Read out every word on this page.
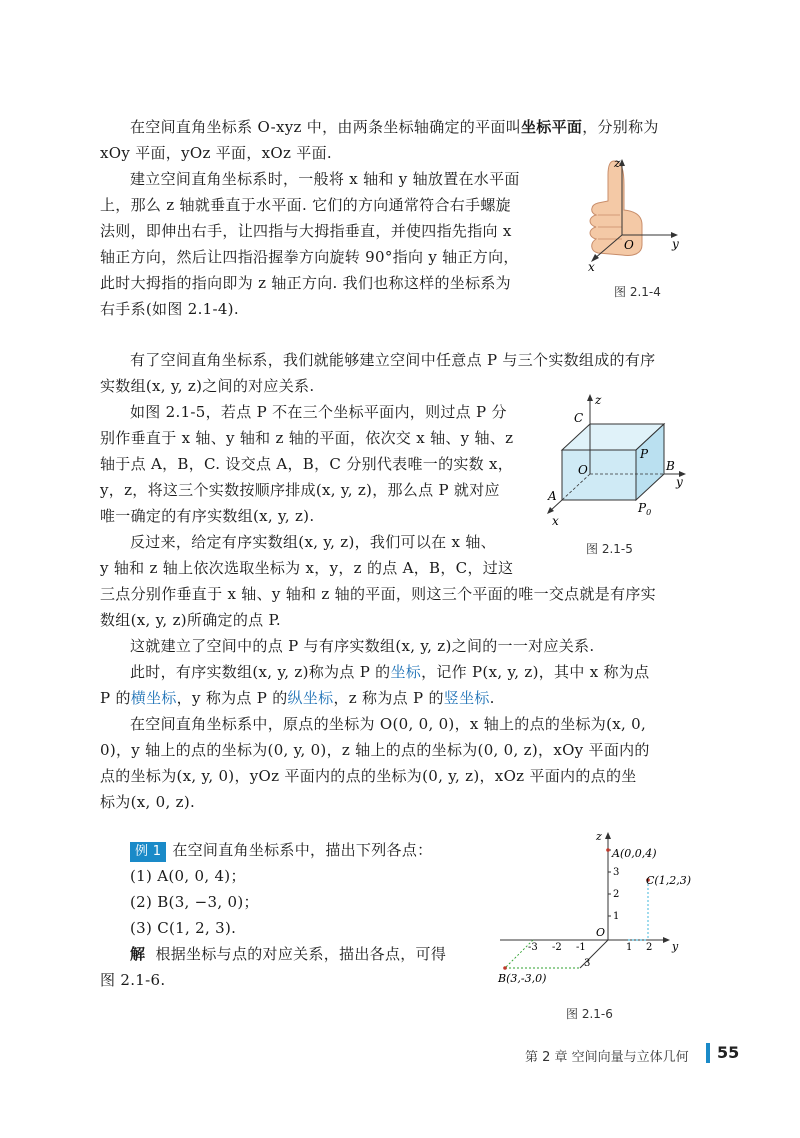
在空间直角坐标系 O-xyz 中，由两条坐标轴确定的平面叫坐标平面，分别称为
xOy 平面，yOz 平面，xOz 平面.
建立空间直角坐标系时，一般将 x 轴和 y 轴放置在水平面
上，那么 z 轴就垂直于水平面. 它们的方向通常符合右手螺旋
法则，即伸出右手，让四指与大拇指垂直，并使四指先指向 x
轴正方向，然后让四指沿握拳方向旋转 90°指向 y 轴正方向，
此时大拇指的指向即为 z 轴正方向. 我们也称这样的坐标系为
右手系(如图 2.1-4).
z
y
x
O
图 2.1-4
有了空间直角坐标系，我们就能够建立空间中任意点 P 与三个实数组成的有序
实数组(x, y, z)之间的对应关系.
如图 2.1-5，若点 P 不在三个坐标平面内，则过点 P 分
别作垂直于 x 轴、y 轴和 z 轴的平面，依次交 x 轴、y 轴、z
轴于点 A，B，C. 设交点 A，B，C 分别代表唯一的实数 x，
y，z，将这三个实数按顺序排成(x, y, z)，那么点 P 就对应
唯一确定的有序实数组(x, y, z).
z
C
O
P
B
y
A
$P_0$
x
图 2.1-5
反过来，给定有序实数组(x, y, z)，我们可以在 x 轴、
y 轴和 z 轴上依次选取坐标为 x，y，z 的点 A，B，C，过这
三点分别作垂直于 x 轴、y 轴和 z 轴的平面，则这三个平面的唯一交点就是有序实
数组(x, y, z)所确定的点 P.
这就建立了空间中的点 P 与有序实数组(x, y, z)之间的一一对应关系.
此时，有序实数组(x, y, z)称为点 P 的坐标，记作 P(x, y, z)，其中 x 称为点
P 的横坐标，y 称为点 P 的纵坐标，z 称为点 P 的竖坐标.
在空间直角坐标系中，原点的坐标为 O(0, 0, 0)，x 轴上的点的坐标为(x, 0,
0)，y 轴上的点的坐标为(0, y, 0)，z 轴上的点的坐标为(0, 0, z)，xOy 平面内的
点的坐标为(x, y, 0)，yOz 平面内的点的坐标为(0, y, z)，xOz 平面内的点的坐
标为(x, 0, z).
例 1 在空间直角坐标系中，描出下列各点：
(1) A(0, 0, 4)；
(2) B(3, −3, 0)；
(3) C(1, 2, 3).
解 根据坐标与点的对应关系，描出各点，可得
图 2.1-6.
z
A(0,0,4)
3
C(1,2,3)
2
1
O
-3 -2 -1	1 2 y
3
B(3,-3,0)
图 2.1-6
第 2 章 空间向量与立体几何 55
